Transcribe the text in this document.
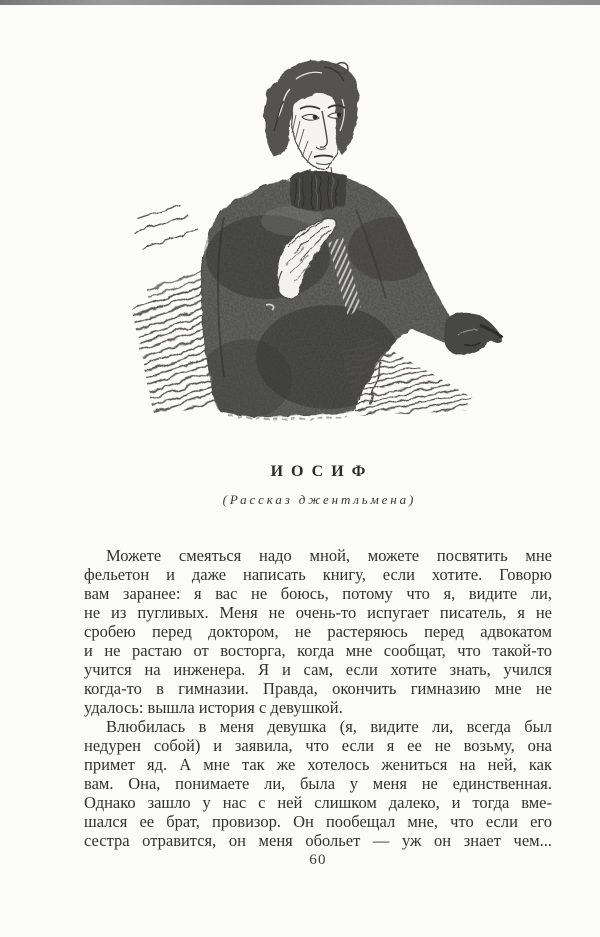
ИОСИФ
(Рассказ джентльмена)

Можете смеяться надо мной, можете посвятить мне
фельетон и даже написать книгу, если хотите. Говорю
вам заранее: я вас не боюсь, потому что я, видите ли,
не из пугливых. Меня не очень-то испугает писатель, я не
сробею перед доктором, не растеряюсь перед адвокатом
и не растаю от восторга, когда мне сообщат, что такой-то
учится на инженера. Я и сам, если хотите знать, учился
когда-то в гимназии. Правда, окончить гимназию мне не
удалось: вышла история с девушкой.

Влюбилась в меня девушка (я, видите ли, всегда был
недурен собой) и заявила, что если я ее не возьму, она
примет яд. А мне так же хотелось жениться на ней, как
вам. Она, понимаете ли, была у меня не единственная.
Однако зашло у нас с ней слишком далеко, и тогда вме-
шался ее брат, провизор. Он пообещал мне, что если его
сестра отравится, он меня обольет — уж он знает чем...

60
